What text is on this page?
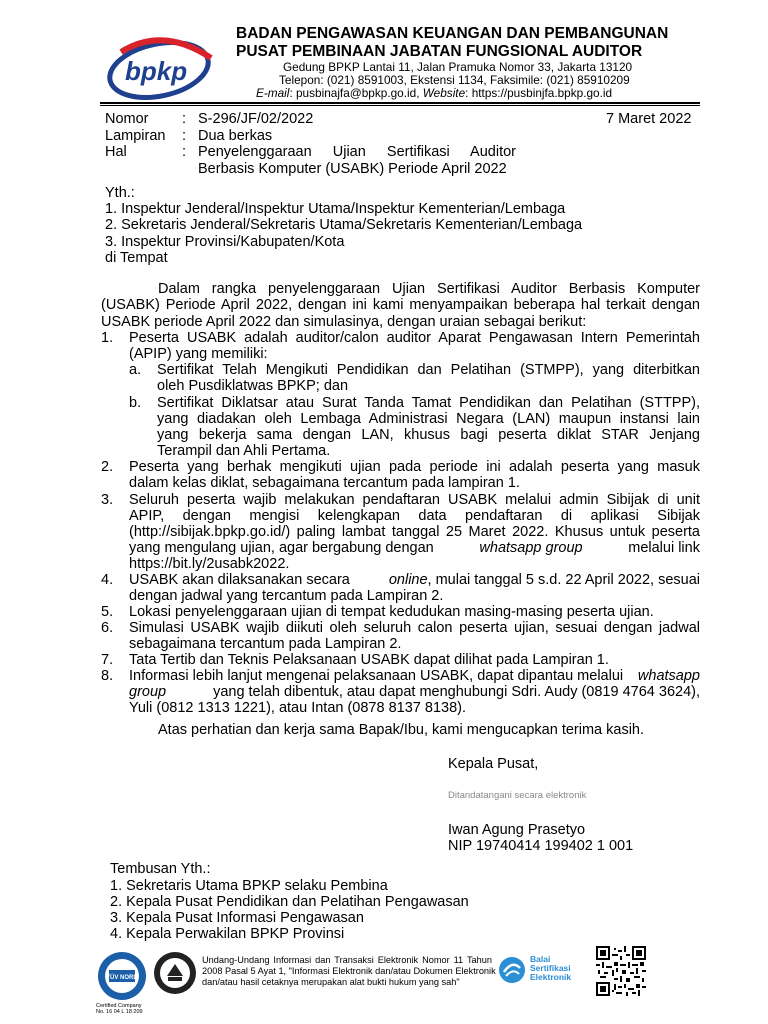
bpkp
BADAN PENGAWASAN KEUANGAN DAN PEMBANGUNAN
PUSAT PEMBINAAN JABATAN FUNGSIONAL AUDITOR
Gedung BPKP Lantai 11, Jalan Pramuka Nomor 33, Jakarta 13120
Telepon: (021) 8591003, Ekstensi 1134, Faksimile: (021) 85910209
E-mail: pusbinajfa@bpkp.go.id, Website: https://pusbinjfa.bpkp.go.id
Nomor : S-296/JF/02/2022	7 Maret 2022
Lampiran : Dua berkas
Hal	: Penyelenggaraan Ujian Sertifikasi Auditor
Berbasis Komputer (USABK) Periode April 2022
Yth.:
1. Inspektur Jenderal/Inspektur Utama/Inspektur Kementerian/Lembaga
2. Sekretaris Jenderal/Sekretaris Utama/Sekretaris Kementerian/Lembaga
3. Inspektur Provinsi/Kabupaten/Kota
di Tempat
Dalam rangka penyelenggaraan Ujian Sertifikasi Auditor Berbasis Komputer
(USABK) Periode April 2022, dengan ini kami menyampaikan beberapa hal terkait dengan
USABK periode April 2022 dan simulasinya, dengan uraian sebagai berikut:
1. Peserta USABK adalah auditor/calon auditor Aparat Pengawasan Intern Pemerintah
(APIP) yang memiliki:
a. Sertifikat Telah Mengikuti Pendidikan dan Pelatihan (STMPP), yang diterbitkan
oleh Pusdiklatwas BPKP; dan
b. Sertifikat Diklatsar atau Surat Tanda Tamat Pendidikan dan Pelatihan (STTPP),
yang diadakan oleh Lembaga Administrasi Negara (LAN) maupun instansi lain
yang bekerja sama dengan LAN, khusus bagi peserta diklat STAR Jenjang
Terampil dan Ahli Pertama.
2. Peserta yang berhak mengikuti ujian pada periode ini adalah peserta yang masuk
dalam kelas diklat, sebagaimana tercantum pada lampiran 1.
3. Seluruh peserta wajib melakukan pendaftaran USABK melalui admin Sibijak di unit
APIP, dengan mengisi kelengkapan data pendaftaran di aplikasi Sibijak
(http://sibijak.bpkp.go.id/) paling lambat tanggal 25 Maret 2022. Khusus untuk peserta
yang mengulang ujian, agar bergabung dengan	whatsapp group	melalui link
https://bit.ly/2usabk2022.
4. USABK akan dilaksanakan secara	online, mulai tanggal 5 s.d. 22 April 2022, sesuai
dengan jadwal yang tercantum pada Lampiran 2.
5. Lokasi penyelenggaraan ujian di tempat kedudukan masing-masing peserta ujian.
6. Simulasi USABK wajib diikuti oleh seluruh calon peserta ujian, sesuai dengan jadwal
sebagaimana tercantum pada Lampiran 2.
7. Tata Tertib dan Teknis Pelaksanaan USABK dapat dilihat pada Lampiran 1.
8. Informasi lebih lanjut mengenai pelaksanaan USABK, dapat dipantau melalui whatsapp
group	yang telah dibentuk, atau dapat menghubungi Sdri. Audy (0819 4764 3624),
Yuli (0812 1313 1221), atau Intan (0878 8137 8138).
Atas perhatian dan kerja sama Bapak/Ibu, kami mengucapkan terima kasih.
Kepala Pusat,
Ditandatangani secara elektronik
Iwan Agung Prasetyo
NIP 19740414 199402 1 001
Tembusan Yth.:
1. Sekretaris Utama BPKP selaku Pembina
2. Kepala Pusat Pendidikan dan Pelatihan Pengawasan
3. Kepala Pusat Informasi Pengawasan
4. Kepala Perwakilan BPKP Provinsi
TÜV NORD
Certified Company
No. 16 04 L 18 209
Undang-Undang Informasi dan Transaksi Elektronik Nomor 11 Tahun
2008 Pasal 5 Ayat 1, "Informasi Elektronik dan/atau Dokumen Elektronik
dan/atau hasil cetaknya merupakan alat bukti hukum yang sah"
Balai
Sertifikasi
Elektronik
